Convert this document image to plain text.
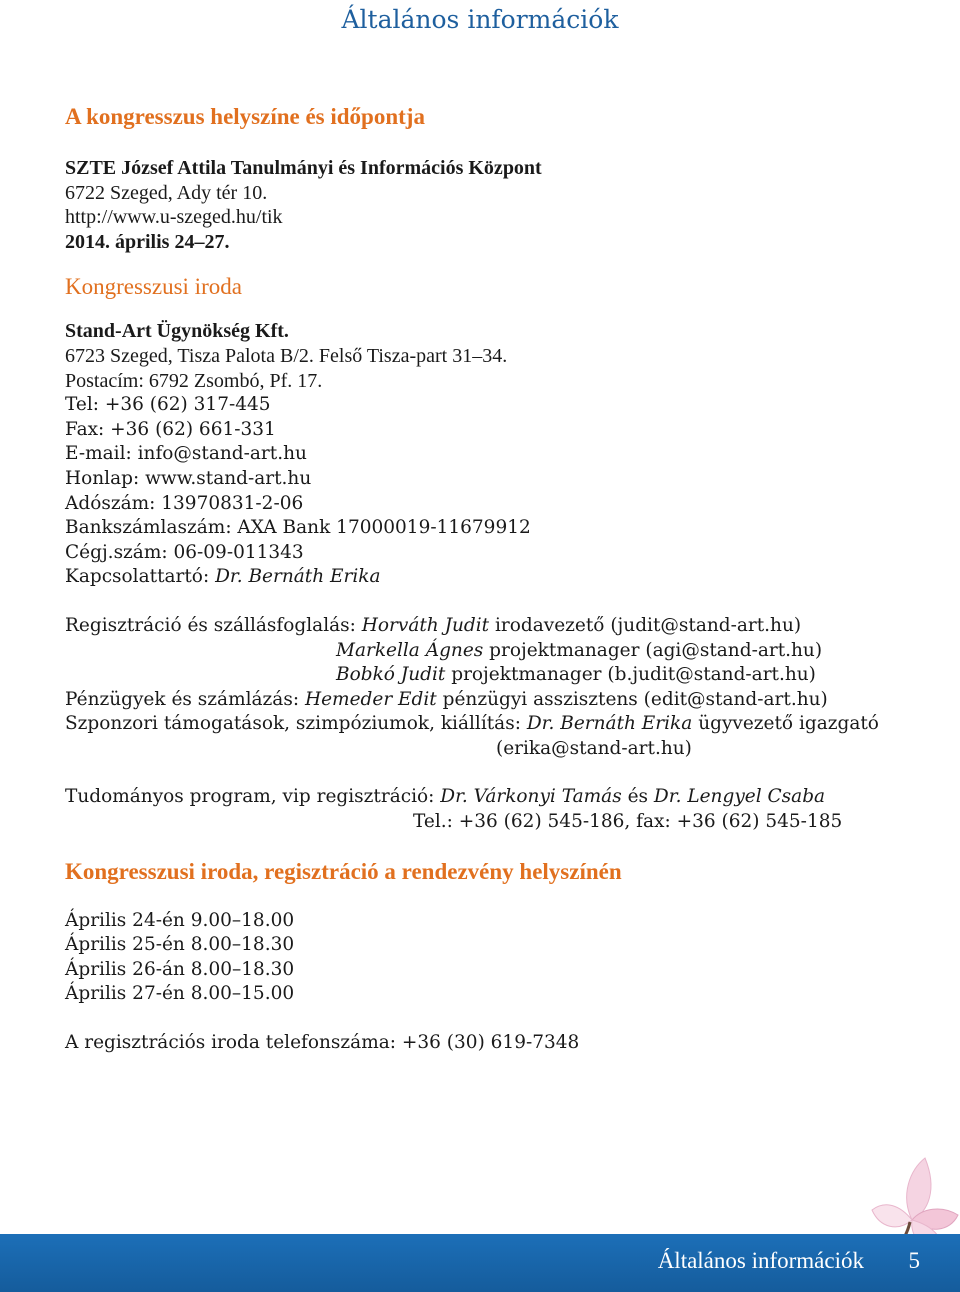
Általános információk
A kongresszus helyszíne és időpontja
SZTE József Attila Tanulmányi és Információs Központ
6722 Szeged, Ady tér 10.
http://www.u-szeged.hu/tik
2014. április 24–27.
Kongresszusi iroda
Stand-Art Ügynökség Kft.
6723 Szeged, Tisza Palota B/2. Felső Tisza-part 31–34.
Postacím: 6792 Zsombó, Pf. 17.
Tel: +36 (62) 317-445
Fax: +36 (62) 661-331
E-mail: info@stand-art.hu
Honlap: www.stand-art.hu
Adószám: 13970831-2-06
Bankszámlaszám: AXA Bank 17000019-11679912
Cégj.szám: 06-09-011343
Kapcsolattartó: Dr. Bernáth Erika
Regisztráció és szállásfoglalás: Horváth Judit irodavezető (judit@stand-art.hu)
Markella Ágnes projektmanager (agi@stand-art.hu)
Bobkó Judit projektmanager (b.judit@stand-art.hu)
Pénzügyek és számlázás: Hemeder Edit pénzügyi asszisztens (edit@stand-art.hu)
Szponzori támogatások, szimpóziumok, kiállítás: Dr. Bernáth Erika ügyvezető igazgató
(erika@stand-art.hu)
Tudományos program, vip regisztráció: Dr. Várkonyi Tamás és Dr. Lengyel Csaba
Tel.: +36 (62) 545-186, fax: +36 (62) 545-185
Kongresszusi iroda, regisztráció a rendezvény helyszínén
Április 24-én 9.00–18.00
Április 25-én 8.00–18.30
Április 26-án 8.00–18.30
Április 27-én 8.00–15.00
A regisztrációs iroda telefonszáma: +36 (30) 619-7348
Általános információk 5
